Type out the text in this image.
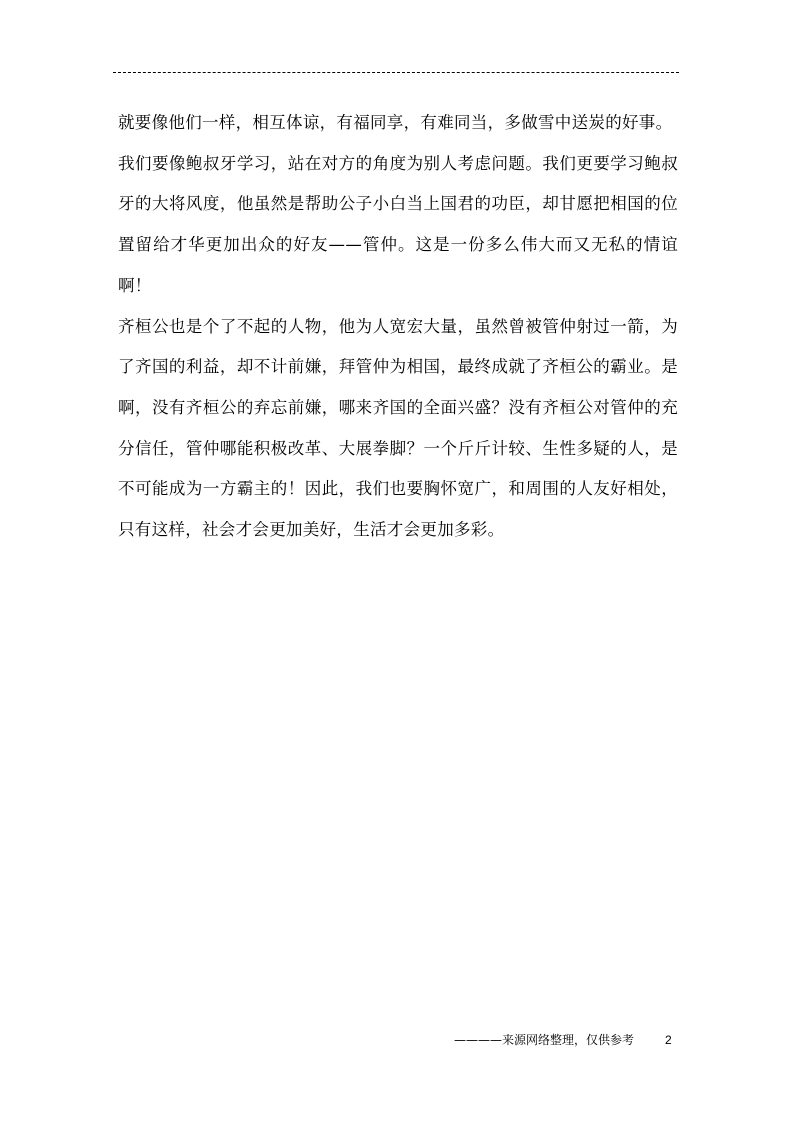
就要像他们一样，相互体谅，有福同享，有难同当，多做雪中送炭的好事。

我们要像鲍叔牙学习，站在对方的角度为别人考虑问题。我们更要学习鲍叔牙的大将风度，他虽然是帮助公子小白当上国君的功臣，却甘愿把相国的位置留给才华更加出众的好友——管仲。这是一份多么伟大而又无私的情谊啊！

齐桓公也是个了不起的人物，他为人宽宏大量，虽然曾被管仲射过一箭，为了齐国的利益，却不计前嫌，拜管仲为相国，最终成就了齐桓公的霸业。是啊，没有齐桓公的弃忘前嫌，哪来齐国的全面兴盛？没有齐桓公对管仲的充分信任，管仲哪能积极改革、大展拳脚？一个斤斤计较、生性多疑的人，是不可能成为一方霸主的！因此，我们也要胸怀宽广，和周围的人友好相处，只有这样，社会才会更加美好，生活才会更加多彩。

————来源网络整理，仅供参考	2
